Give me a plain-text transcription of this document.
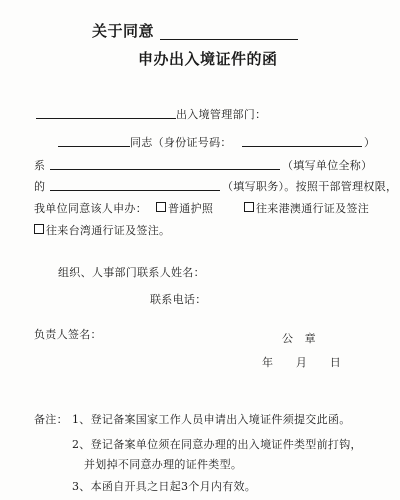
关于同意
申办出入境证件的函
出入境管理部门：
同志（身份证号码：	）
系	（填写单位全称）
的	（填写职务）。按照干部管理权限，
我单位同意该人申办： 普通护照	往来港澳通行证及签注
往来台湾通行证及签注。
组织、人事部门联系人姓名：
联系电话：
负责人签名：	公　章
年　　月　　日
备注： 1、登记备案国家工作人员申请出入境证件须提交此函。
2、登记备案单位须在同意办理的出入境证件类型前打钩，
并划掉不同意办理的证件类型。
3、本函自开具之日起3个月内有效。
